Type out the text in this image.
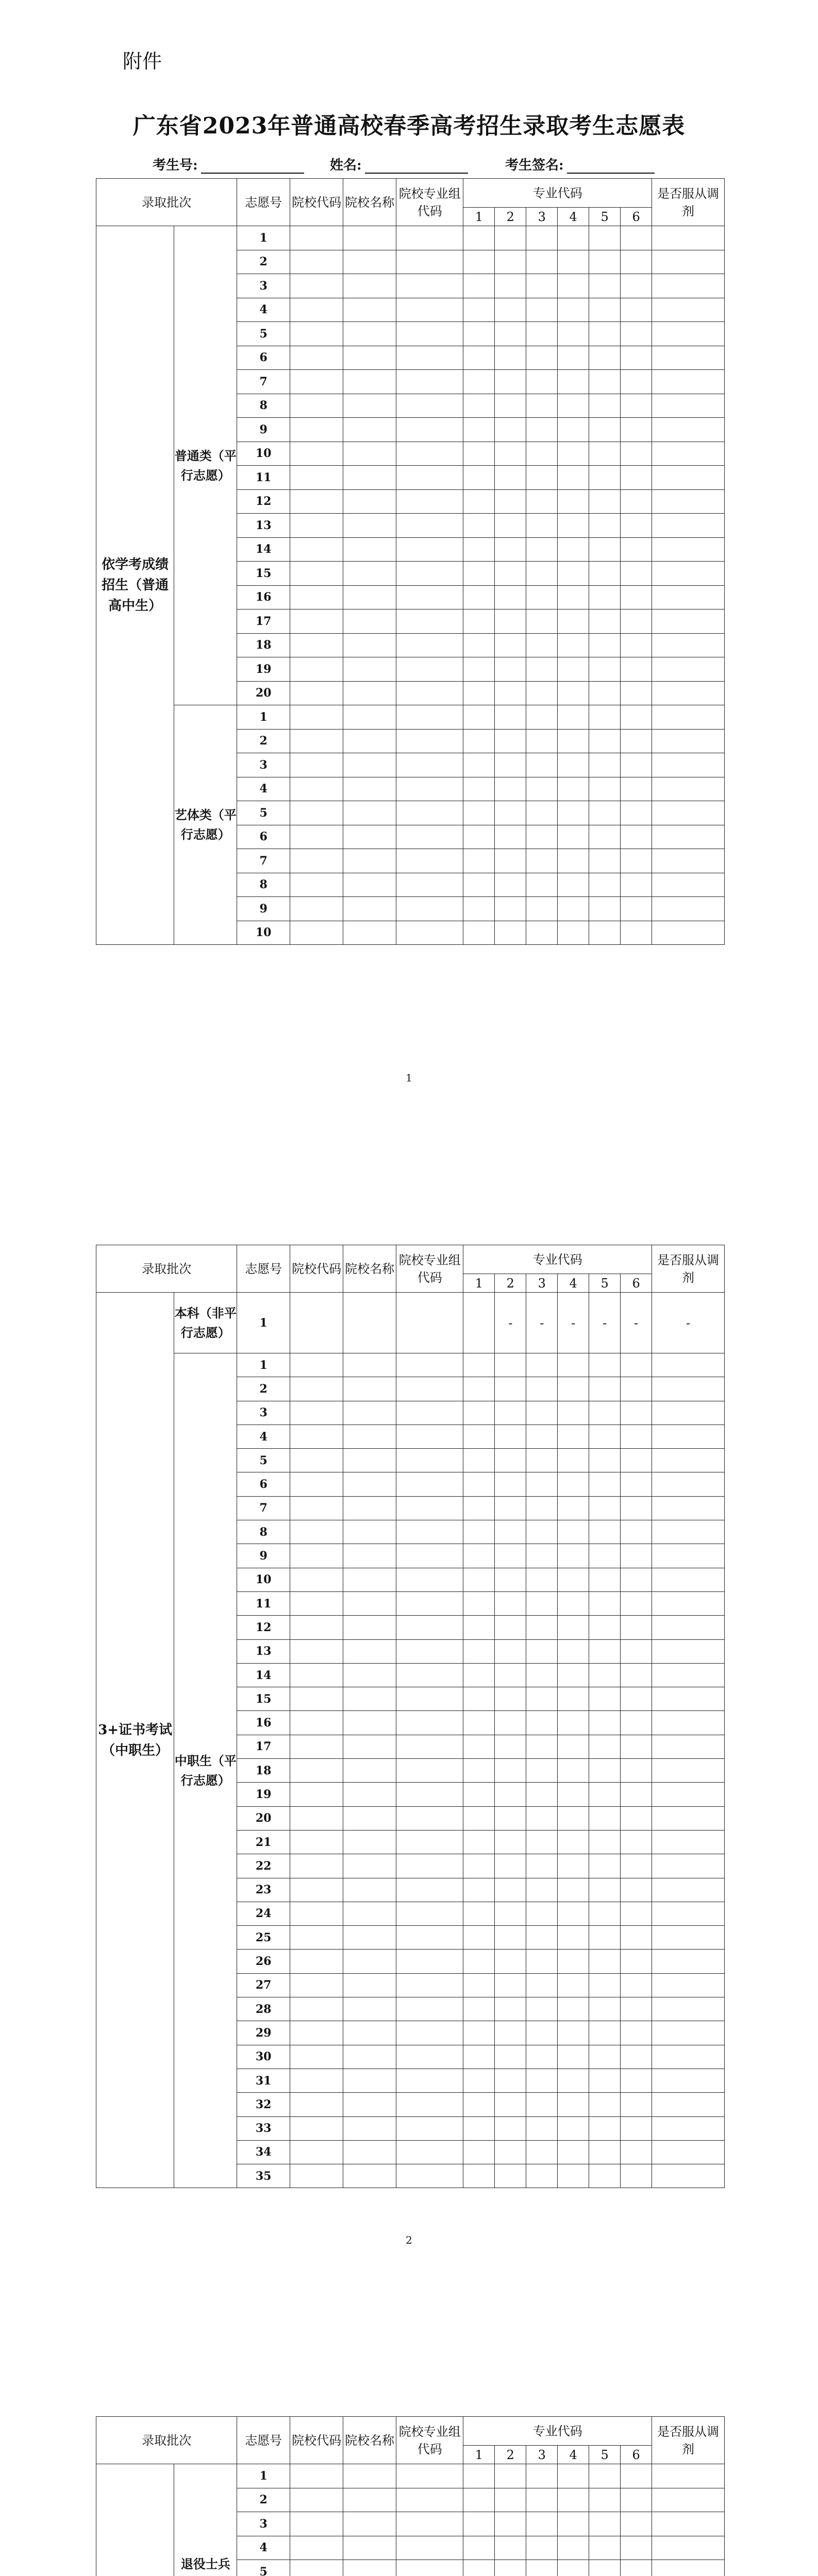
附件
广东省2023年普通高校春季高考招生录取考生志愿表
考生号:	姓名:	考生签名:
录取批次		志愿号	院校代码	院校名称	院校专业组代码	专业代码						是否服从调剂
						1	2	3	4	5	6	
依学考成绩招生（普通高中生）	普通类（平行志愿）	1										
		2										
		3										
		4										
		5										
		6										
		7										
		8										
		9										
		10										
		11										
		12										
		13										
		14										
		15										
		16										
		17										
		18										
		19										
		20										
	艺体类（平行志愿）	1										
		2										
		3										
		4										
		5										
		6										
		7										
		8										
		9										
		10										
1
录取批次		志愿号	院校代码	院校名称	院校专业组代码	专业代码						是否服从调剂
						1	2	3	4	5	6	
3+证书考试（中职生）	本科（非平行志愿）	1					-	-	-	-	-	-
	中职生（平行志愿）	1										
		2										
		3										
		4										
		5										
		6										
		7										
		8										
		9										
		10										
		11										
		12										
		13										
		14										
		15										
		16										
		17										
		18										
		19										
		20										
		21										
		22										
		23										
		24										
		25										
		26										
		27										
		28										
		29										
		30										
		31										
		32										
		33										
		34										
		35										
2
录取批次		志愿号	院校代码	院校名称	院校专业组代码	专业代码						是否服从调剂
						1	2	3	4	5	6	
	退役士兵	1										
		2										
		3										
		4										
		5										
